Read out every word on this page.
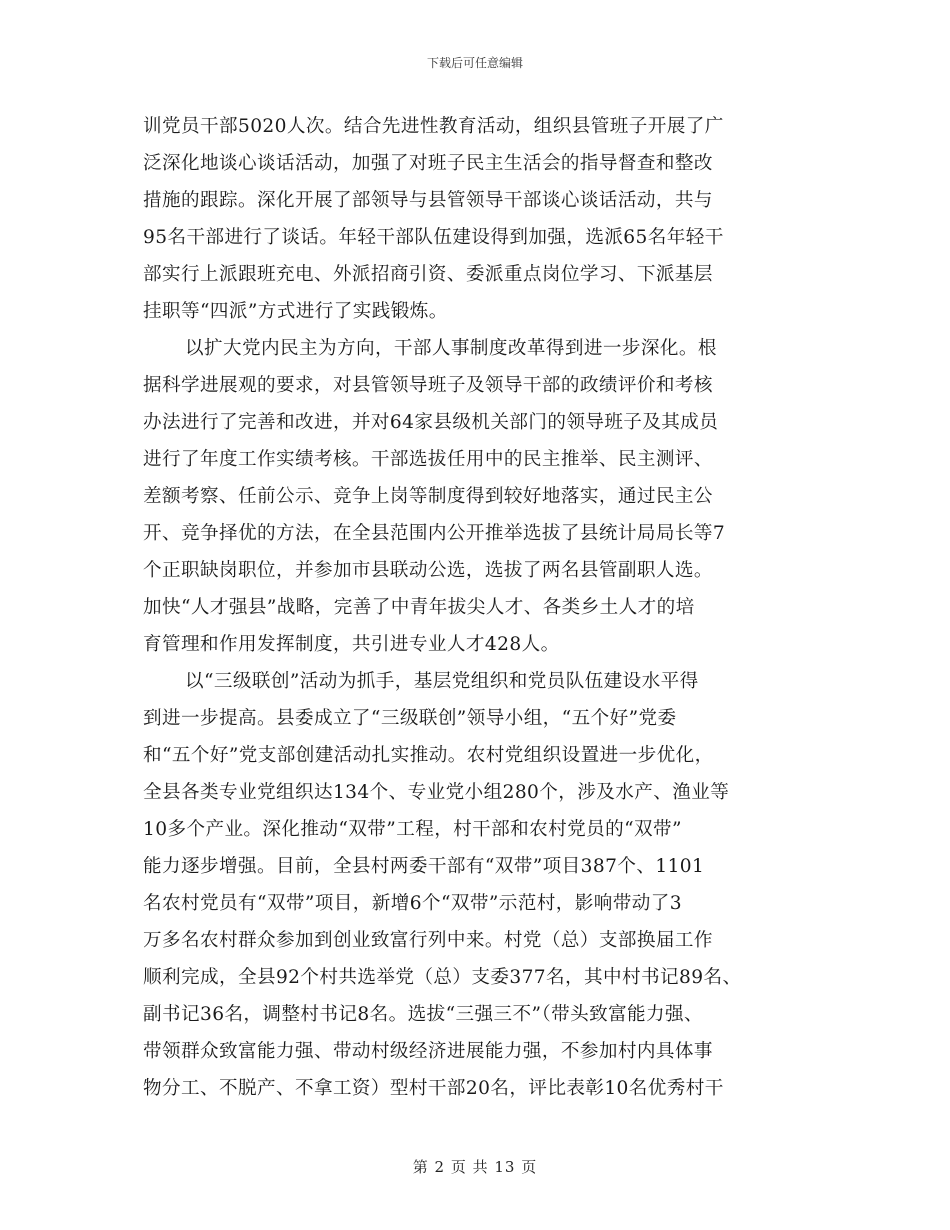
下载后可任意编辑
训党员干部5020人次。结合先进性教育活动，组织县管班子开展了广
泛深化地谈心谈话活动，加强了对班子民主生活会的指导督查和整改
措施的跟踪。深化开展了部领导与县管领导干部谈心谈话活动，共与
95名干部进行了谈话。年轻干部队伍建设得到加强，选派65名年轻干
部实行上派跟班充电、外派招商引资、委派重点岗位学习、下派基层
挂职等“四派”方式进行了实践锻炼。
以扩大党内民主为方向，干部人事制度改革得到进一步深化。根
据科学进展观的要求，对县管领导班子及领导干部的政绩评价和考核
办法进行了完善和改进，并对64家县级机关部门的领导班子及其成员
进行了年度工作实绩考核。干部选拔任用中的民主推举、民主测评、
差额考察、任前公示、竞争上岗等制度得到较好地落实，通过民主公
开、竞争择优的方法，在全县范围内公开推举选拔了县统计局局长等7
个正职缺岗职位，并参加市县联动公选，选拔了两名县管副职人选。
加快“人才强县”战略，完善了中青年拔尖人才、各类乡土人才的培
育管理和作用发挥制度，共引进专业人才428人。
以“三级联创”活动为抓手，基层党组织和党员队伍建设水平得
到进一步提高。县委成立了“三级联创”领导小组，“五个好”党委
和“五个好”党支部创建活动扎实推动。农村党组织设置进一步优化，
全县各类专业党组织达134个、专业党小组280个，涉及水产、渔业等
10多个产业。深化推动“双带”工程，村干部和农村党员的“双带”
能力逐步增强。目前，全县村两委干部有“双带”项目387个、1101
名农村党员有“双带”项目，新增6个“双带”示范村，影响带动了3
万多名农村群众参加到创业致富行列中来。村党（总）支部换届工作
顺利完成，全县92个村共选举党（总）支委377名，其中村书记89名、
副书记36名，调整村书记8名。选拔“三强三不”（带头致富能力强、
带领群众致富能力强、带动村级经济进展能力强，不参加村内具体事
物分工、不脱产、不拿工资）型村干部20名，评比表彰10名优秀村干
第 2 页 共 13 页
